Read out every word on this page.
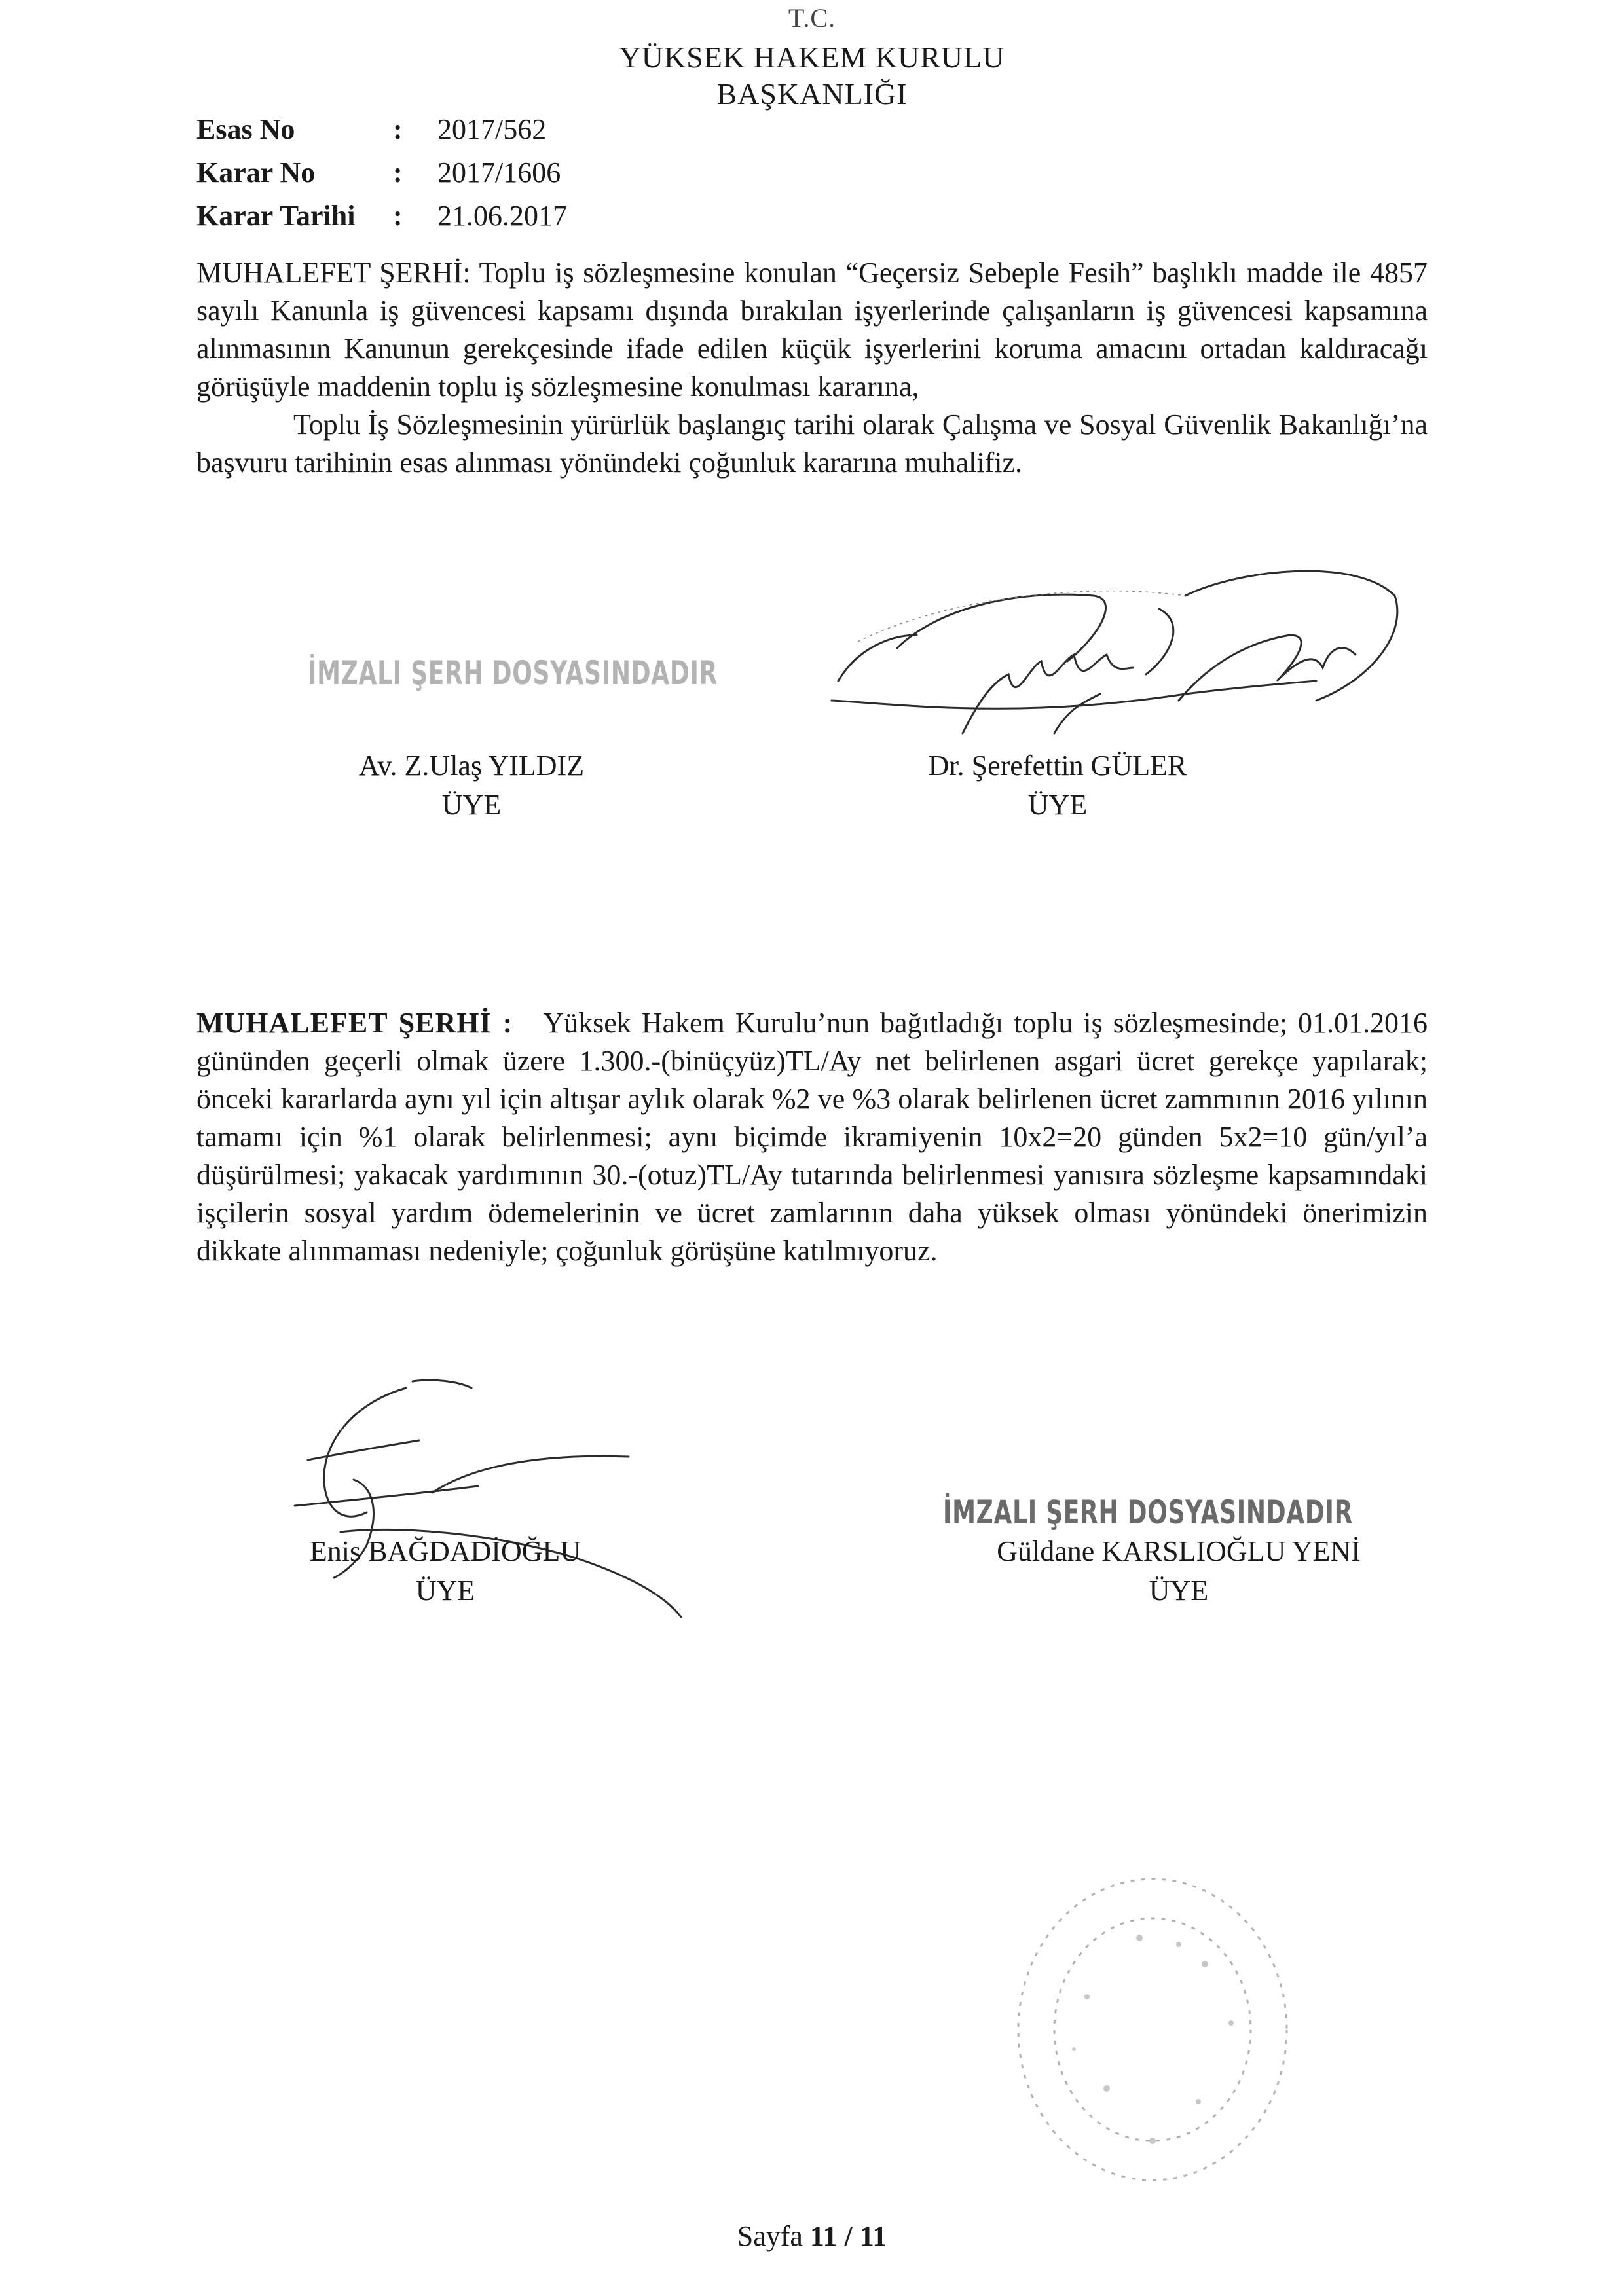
T.C.
YÜKSEK HAKEM KURULU
BAŞKANLIĞI
Esas No	:	2017/562
Karar No	:	2017/1606
Karar Tarihi	:	21.06.2017

MUHALEFET ŞERHİ: Toplu iş sözleşmesine konulan “Geçersiz Sebeple Fesih” başlıklı madde ile 4857 sayılı Kanunla iş güvencesi kapsamı dışında bırakılan işyerlerinde çalışanların iş güvencesi kapsamına alınmasının Kanunun gerekçesinde ifade edilen küçük işyerlerini koruma amacını ortadan kaldıracağı görüşüyle maddenin toplu iş sözleşmesine konulması kararına,

Toplu İş Sözleşmesinin yürürlük başlangıç tarihi olarak Çalışma ve Sosyal Güvenlik Bakanlığı’na başvuru tarihinin esas alınması yönündeki çoğunluk kararına muhalifiz.

İMZALI ŞERH DOSYASINDADIR
Av. Z.Ulaş YILDIZ
ÜYE
Dr. Şerefettin GÜLER
ÜYE

MUHALEFET ŞERHİ : Yüksek Hakem Kurulu’nun bağıtladığı toplu iş sözleşmesinde; 01.01.2016 gününden geçerli olmak üzere 1.300.-(binüçyüz)TL/Ay net belirlenen asgari ücret gerekçe yapılarak; önceki kararlarda aynı yıl için altışar aylık olarak %2 ve %3 olarak belirlenen ücret zammının 2016 yılının tamamı için %1 olarak belirlenmesi; aynı biçimde ikramiyenin 10x2=20 günden 5x2=10 gün/yıl’a düşürülmesi; yakacak yardımının 30.-(otuz)TL/Ay tutarında belirlenmesi yanısıra sözleşme kapsamındaki işçilerin sosyal yardım ödemelerinin ve ücret zamlarının daha yüksek olması yönündeki önerimizin dikkate alınmaması nedeniyle; çoğunluk görüşüne katılmıyoruz.

Enis BAĞDADİOĞLU
ÜYE
İMZALI ŞERH DOSYASINDADIR
Güldane KARSLIOĞLU YENİ
ÜYE
Sayfa 11 / 11
